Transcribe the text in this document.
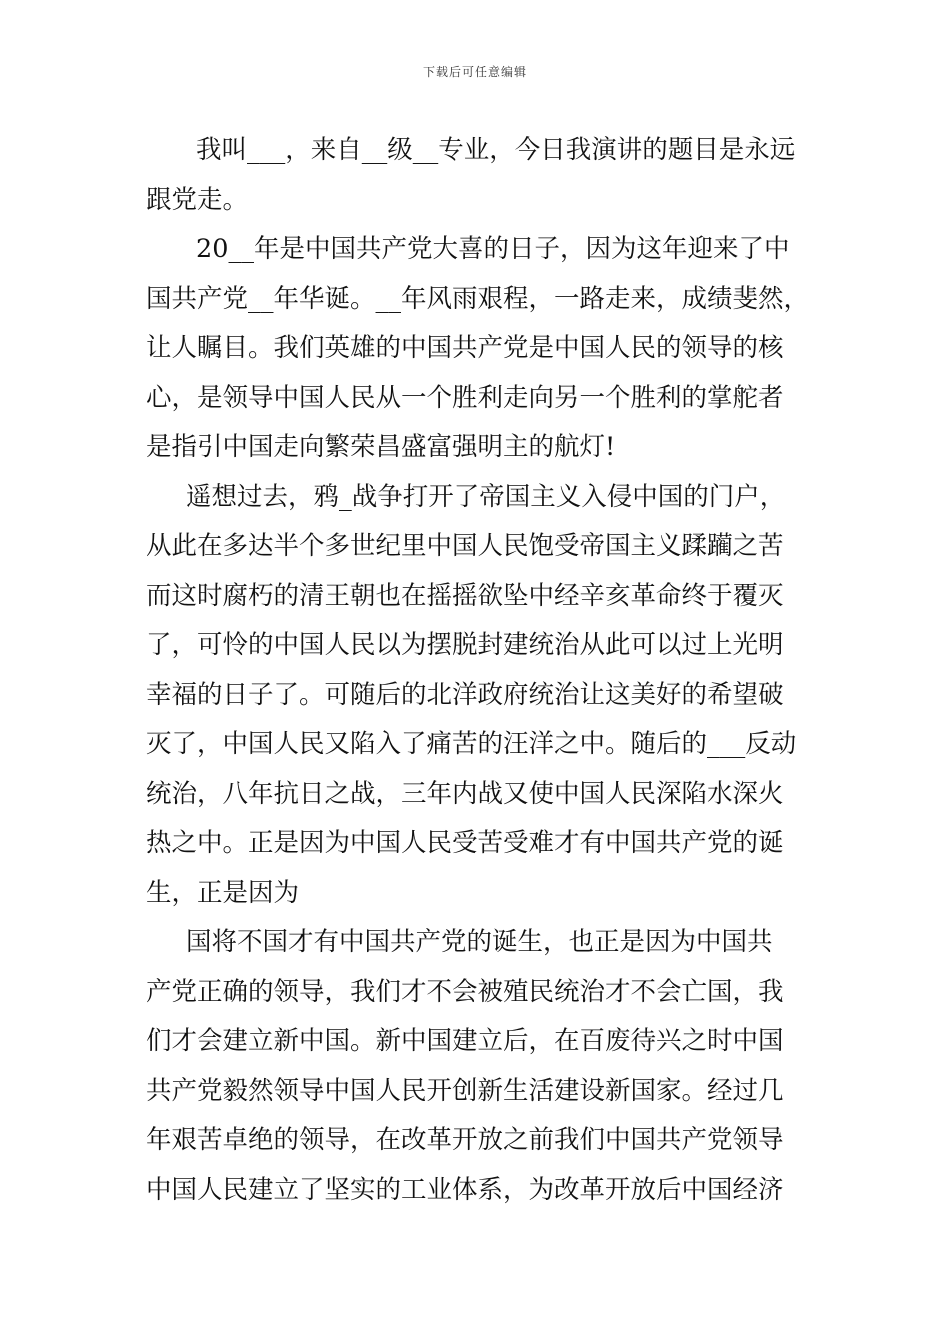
下载后可任意编辑
我叫___，来自__级__专业，今日我演讲的题目是永远
跟党走。
20__年是中国共产党大喜的日子，因为这年迎来了中
国共产党__年华诞。__年风雨艰程，一路走来，成绩斐然，
让人瞩目。我们英雄的中国共产党是中国人民的领导的核
心，是领导中国人民从一个胜利走向另一个胜利的掌舵者
是指引中国走向繁荣昌盛富强明主的航灯!
遥想过去，鸦_战争打开了帝国主义入侵中国的门户，
从此在多达半个多世纪里中国人民饱受帝国主义蹂躏之苦
而这时腐朽的清王朝也在摇摇欲坠中经辛亥革命终于覆灭
了，可怜的中国人民以为摆脱封建统治从此可以过上光明
幸福的日子了。可随后的北洋政府统治让这美好的希望破
灭了，中国人民又陷入了痛苦的汪洋之中。随后的___反动
统治，八年抗日之战，三年内战又使中国人民深陷水深火
热之中。正是因为中国人民受苦受难才有中国共产党的诞
生，正是因为
国将不国才有中国共产党的诞生，也正是因为中国共
产党正确的领导，我们才不会被殖民统治才不会亡国，我
们才会建立新中国。新中国建立后，在百废待兴之时中国
共产党毅然领导中国人民开创新生活建设新国家。经过几
年艰苦卓绝的领导，在改革开放之前我们中国共产党领导
中国人民建立了坚实的工业体系，为改革开放后中国经济
